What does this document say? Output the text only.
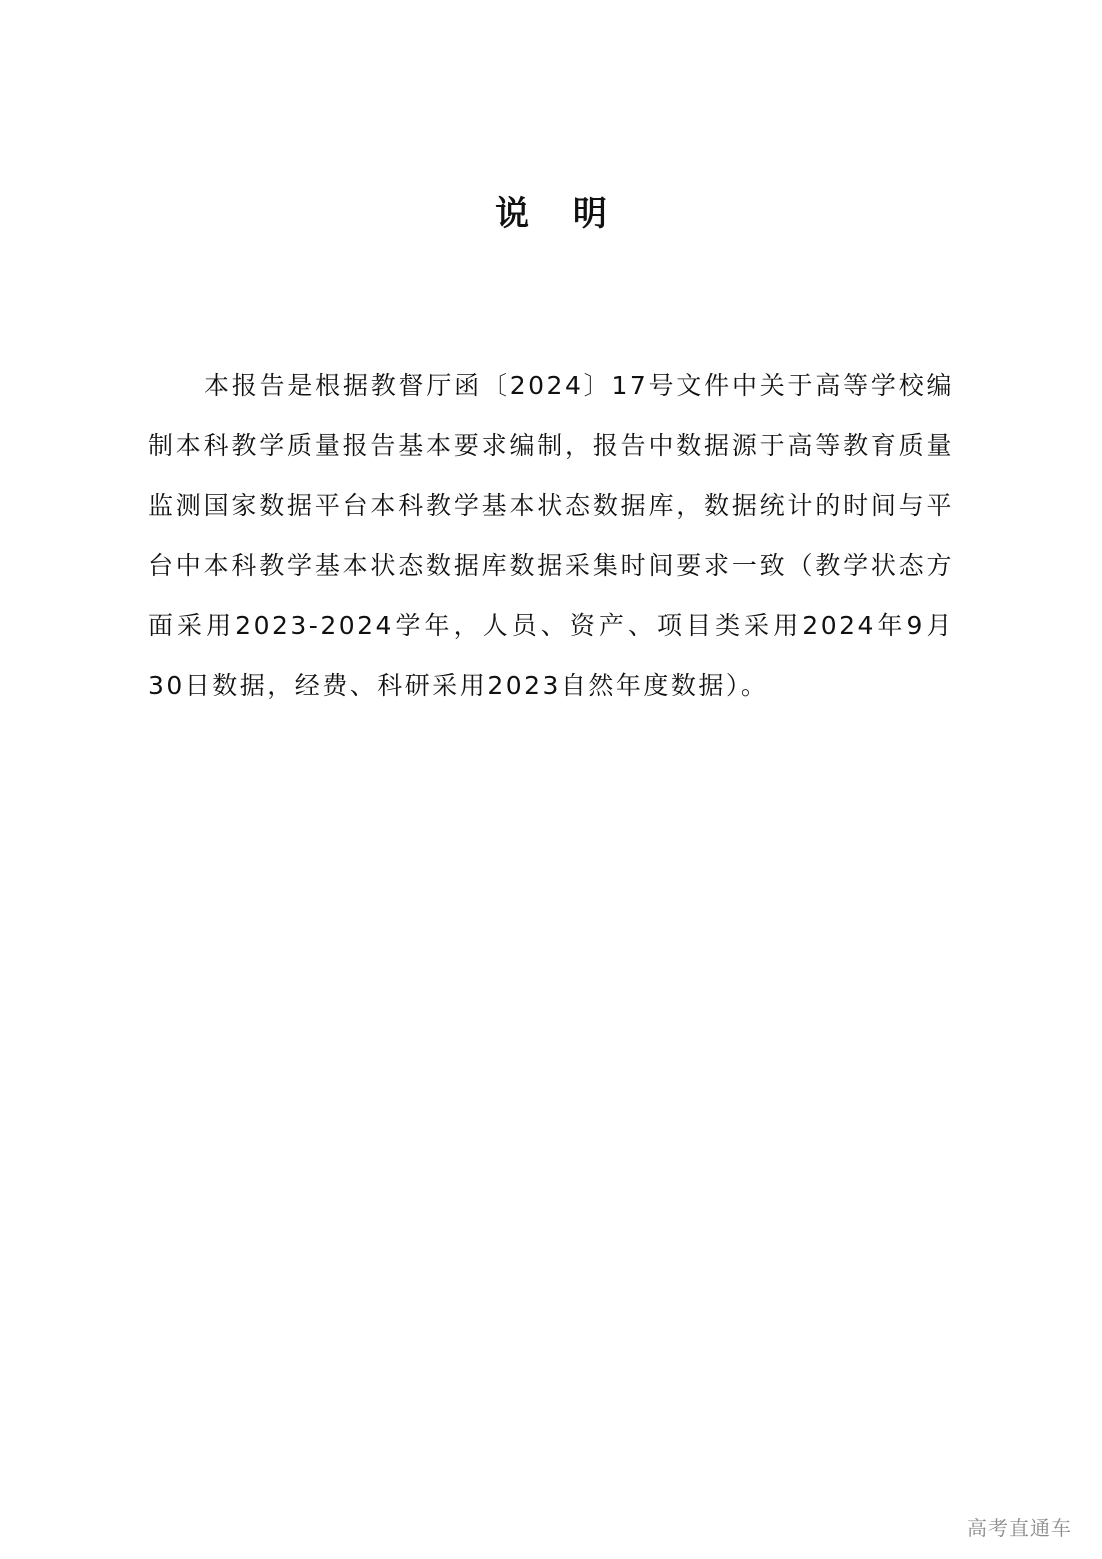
说 明

本报告是根据教督厅函〔2024〕17号文件中关于高等学校编制本科教学质量报告基本要求编制，报告中数据源于高等教育质量监测国家数据平台本科教学基本状态数据库，数据统计的时间与平台中本科教学基本状态数据库数据采集时间要求一致（教学状态方面采用2023-2024学年，人员、资产、项目类采用2024年9月30日数据，经费、科研采用2023自然年度数据）。

高考直通车
